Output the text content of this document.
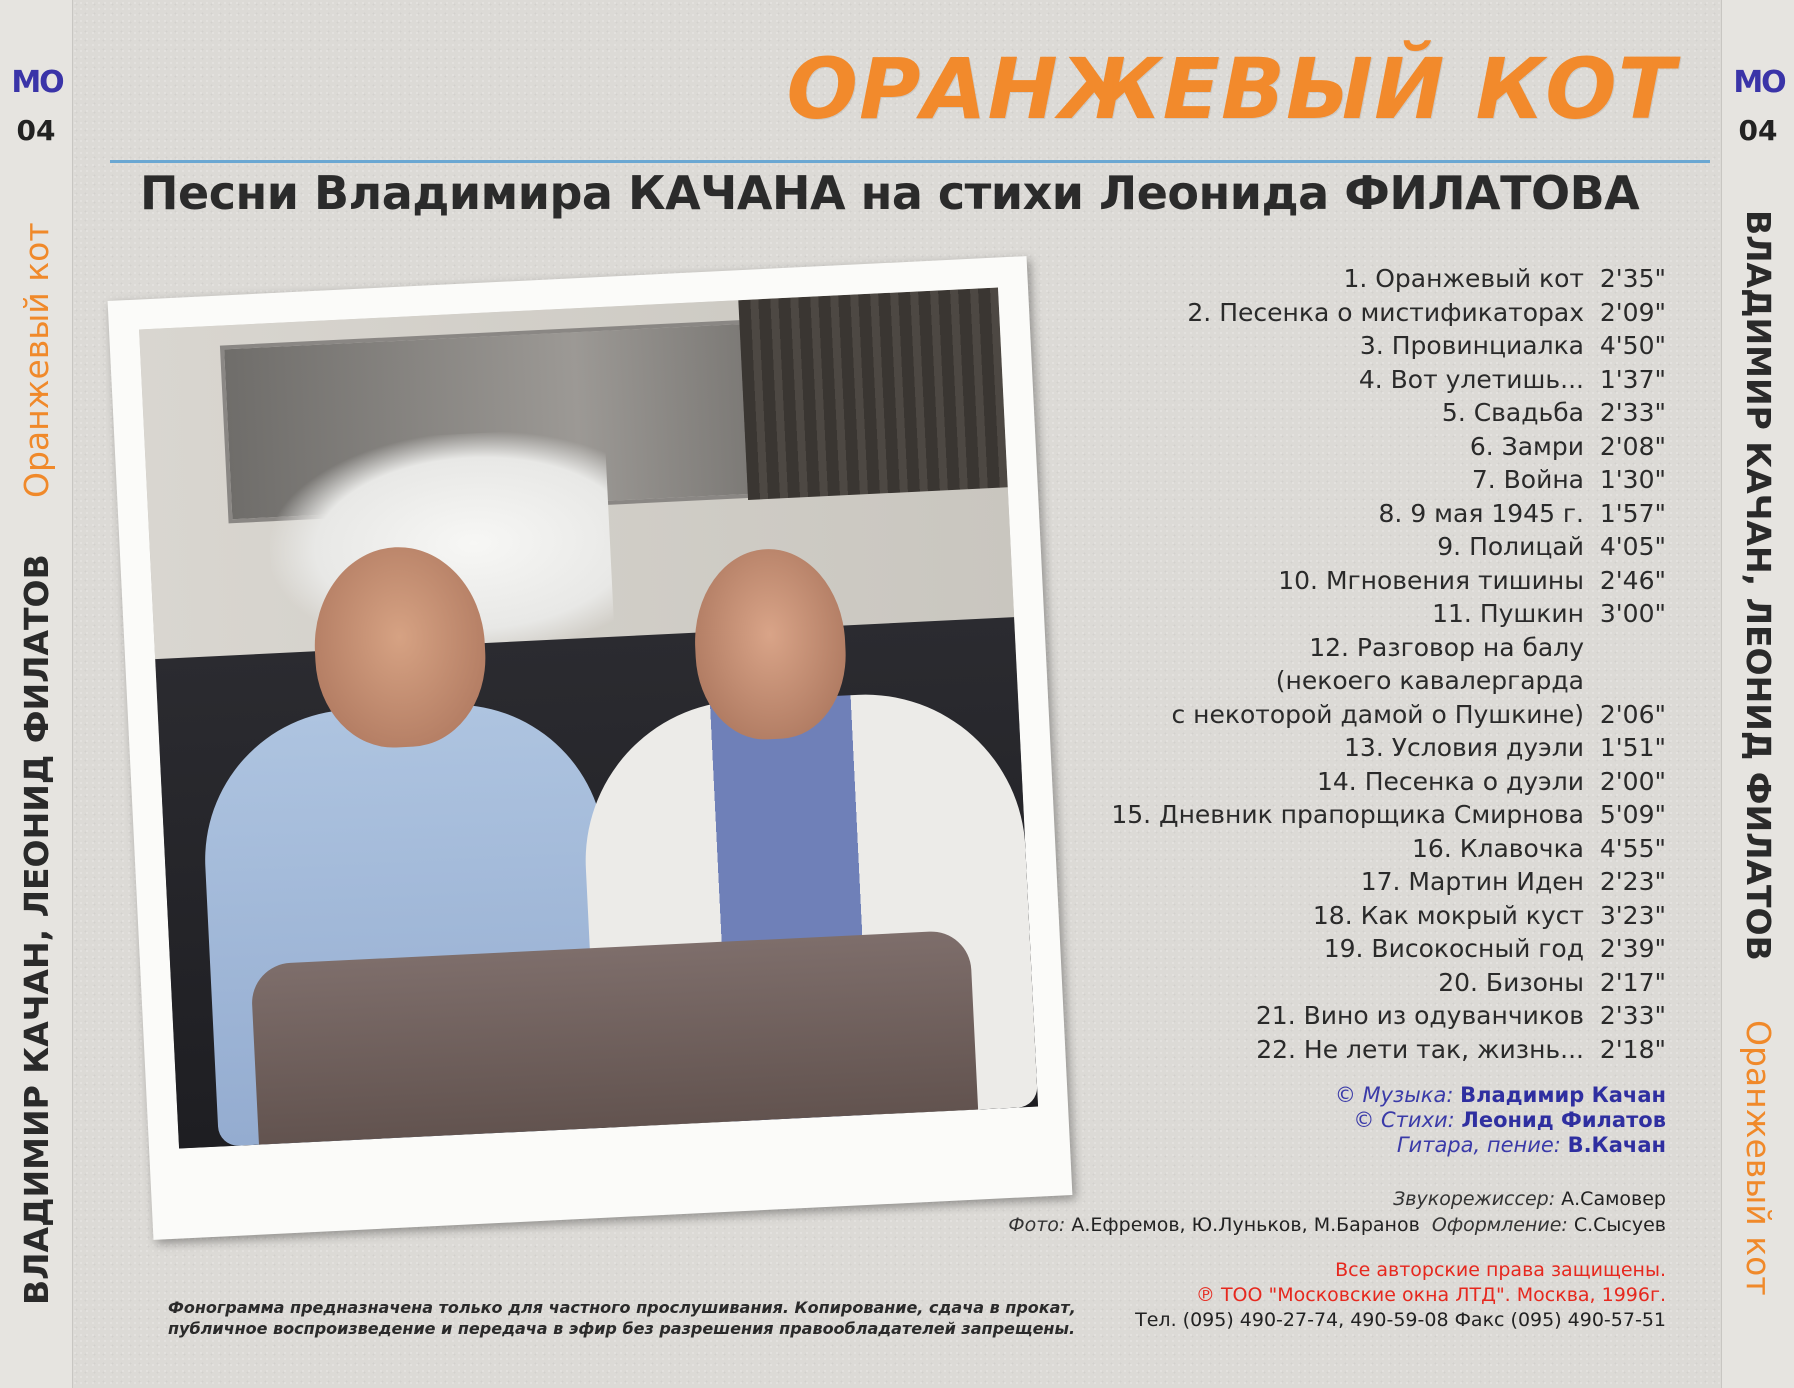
МО
04
Оранжевый кот
ВЛАДИМИР КАЧАН, ЛЕОНИД ФИЛАТОВ
МО
04
ВЛАДИМИР КАЧАН, ЛЕОНИД ФИЛАТОВ
Оранжевый кот
ОРАНЖЕВЫЙ КОТ
Песни Владимира КАЧАНА на стихи Леонида ФИЛАТОВА
1. Оранжевый кот 2'35"
2. Песенка о мистификаторах 2'09"
3. Провинциалка 4'50"
4. Вот улетишь... 1'37"
5. Свадьба 2'33"
6. Замри 2'08"
7. Война 1'30"
8. 9 мая 1945 г. 1'57"
9. Полицай 4'05"
10. Мгновения тишины 2'46"
11. Пушкин 3'00"
12. Разговор на балу
(некоего кавалергарда
с некоторой дамой о Пушкине) 2'06"
13. Условия дуэли 1'51"
14. Песенка о дуэли 2'00"
15. Дневник прапорщика Смирнова 5'09"
16. Клавочка 4'55"
17. Мартин Иден 2'23"
18. Как мокрый куст 3'23"
19. Високосный год 2'39"
20. Бизоны 2'17"
21. Вино из одуванчиков 2'33"
22. Не лети так, жизнь... 2'18"
© Музыка: Владимир Качан
© Стихи: Леонид Филатов
Гитара, пение: В.Качан
Звукорежиссер: А.Самовер
Фото: А.Ефремов, Ю.Луньков, М.Баранов Оформление: С.Сысуев
Фонограмма предназначена только для частного прослушивания. Копирование, сдача в прокат,
публичное воспроизведение и передача в эфир без разрешения правообладателей запрещены.
Все авторские права защищены.
℗ ТОО "Московские окна ЛТД". Москва, 1996г.
Тел. (095) 490-27-74, 490-59-08 Факс (095) 490-57-51
